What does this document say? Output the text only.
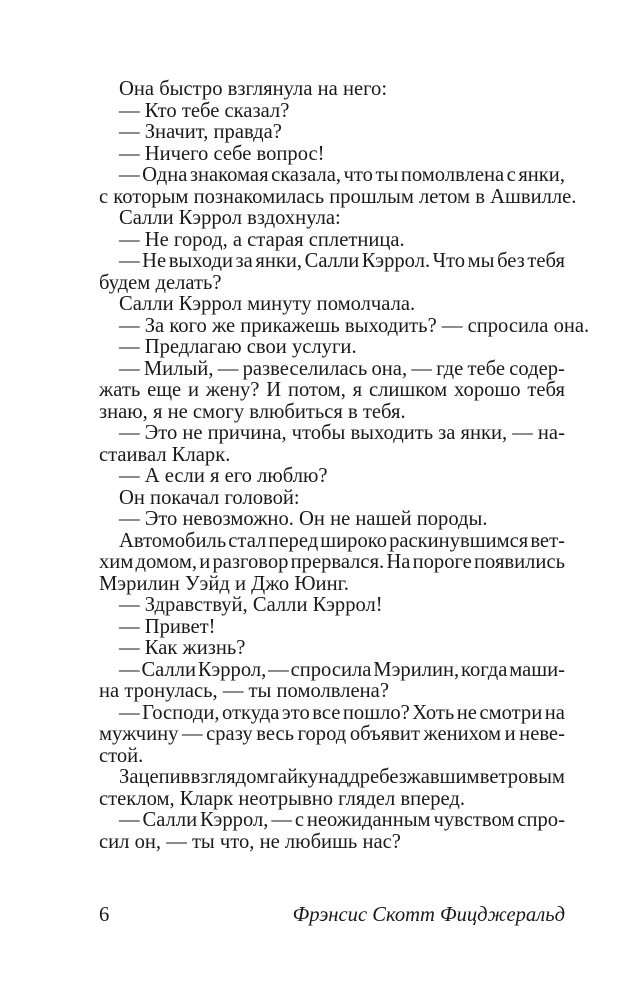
Она быстро взглянула на него:
— Кто тебе сказал?
— Значит, правда?
— Ничего себе вопрос!
— Одна знакомая сказала, что ты помолвлена с янки,
с которым познакомилась прошлым летом в Ашвилле.
Салли Кэррол вздохнула:
— Не город, а старая сплетница.
— Не выходи за янки, Салли Кэррол. Что мы без тебя
будем делать?
Салли Кэррол минуту помолчала.
— За кого же прикажешь выходить? — спросила она.
— Предлагаю свои услуги.
— Милый, — развеселилась она, — где тебе содер-
жать еще и жену? И потом, я слишком хорошо тебя
знаю, я не смогу влюбиться в тебя.
— Это не причина, чтобы выходить за янки, — на-
стаивал Кларк.
— А если я его люблю?
Он покачал головой:
— Это невозможно. Он не нашей породы.
Автомобиль стал перед широко раскинувшимся вет-
хим домом, и разговор прервался. На пороге появились
Мэрилин Уэйд и Джо Юинг.
— Здравствуй, Салли Кэррол!
— Привет!
— Как жизнь?
— Салли Кэррол, — спросила Мэрилин, когда маши-
на тронулась, — ты помолвлена?
— Господи, откуда это все пошло? Хоть не смотри на
мужчину — сразу весь город объявит женихом и неве-
стой.
Зацепив взглядом гайку над дребезжавшим ветровым
стеклом, Кларк неотрывно глядел вперед.
— Салли Кэррол, — с неожиданным чувством спро-
сил он, — ты что, не любишь нас?
6	Фрэнсис Скотт Фицджеральд
